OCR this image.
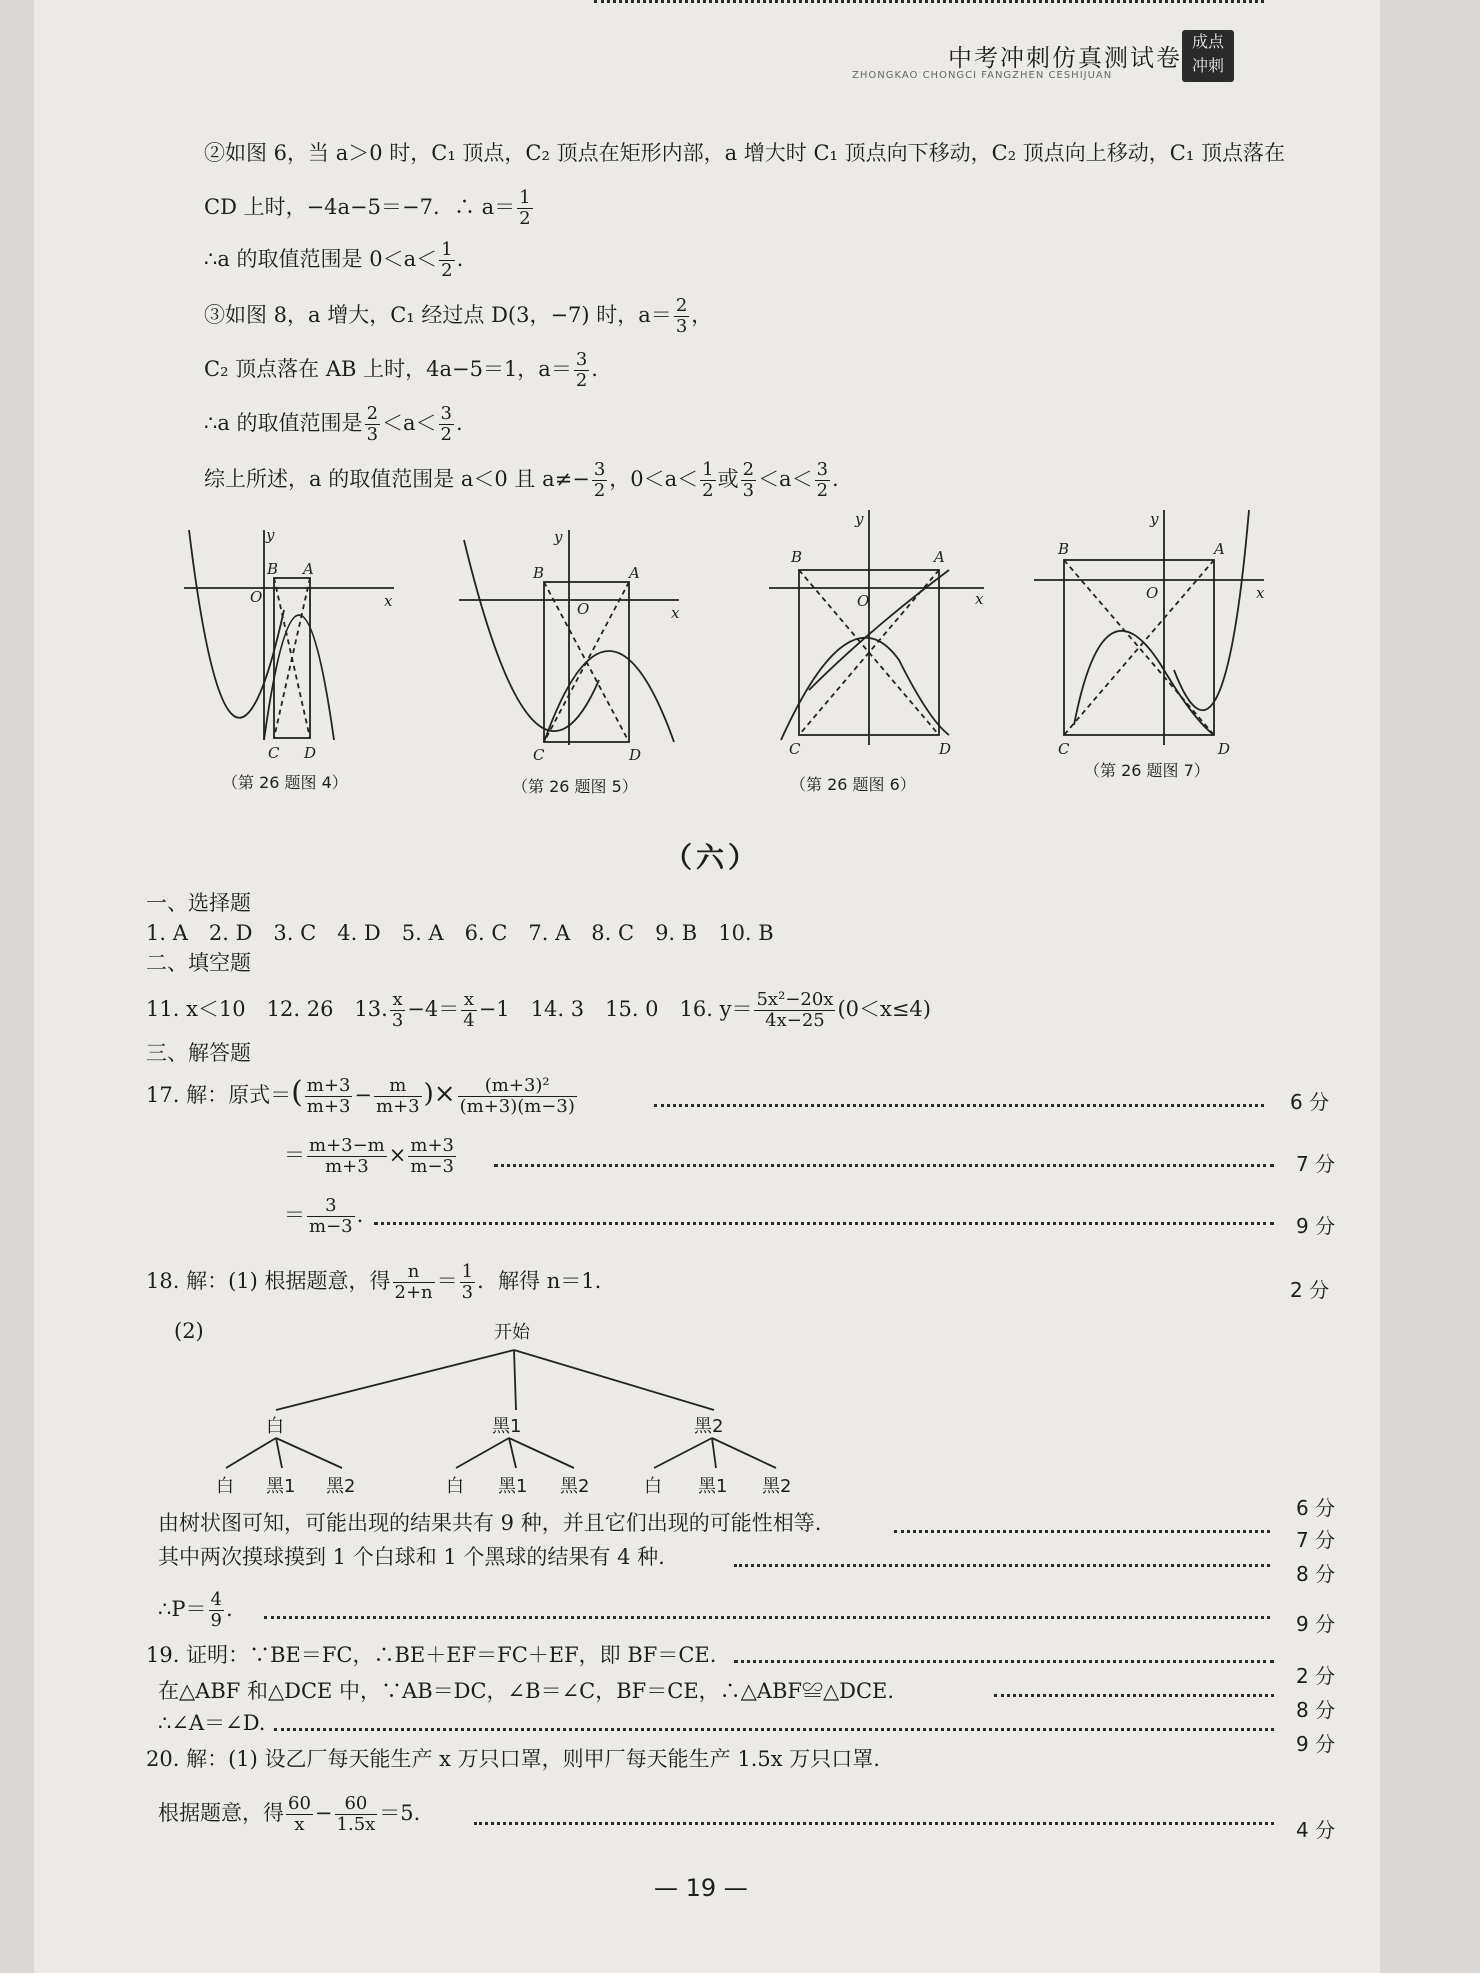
中考冲刺仿真测试卷
ZHONGKAO CHONGCI FANGZHEN CESHIJUAN
成点 冲刺
②如图 6，当 a＞0 时，C₁ 顶点，C₂ 顶点在矩形内部，a 增大时 C₁ 顶点向下移动，C₂ 顶点向上移动，C₁ 顶点落在
CD 上时，−4a−5＝−7．∴ $a= \frac{1}{2}$
∴a 的取值范围是 $0<a< \frac{1}{2}$ .
③如图 8，a 增大，C₁ 经过点 D(3，−7) 时，$a= \frac{2}{3}$ ，
C₂ 顶点落在 AB 上时，4a−5＝1，$a= \frac{3}{2}$ .
∴a 的取值范围是 $\frac{2}{3} <a< \frac{3}{2}$ .
综上所述，a 的取值范围是 a＜0 且 $a\ne- \frac{3}{2}$ ，$0<a< \frac{1}{2}$ 或 $\frac{2}{3} <a< \frac{3}{2}$ .
y
O	x
B A
C D
y
O	x
B	A
C	D
y
O	x
B	A
C	D
y
O	x
B	A
C	D
（第 26 题图 4）	（第 26 题图 5）	（第 26 题图 6）
（第 26 题图 7）
（六）
一、选择题
1. A　2. D　3. C　4. D　5. A　6. C　7. A　8. C　9. B　10. B
二、填空题
11. x＜10　12. 26　13. $\frac{x}{3} -4= \frac{x}{4} -1$　14. 3　15. 0　16. $y= \frac{\text{5x²−20x}}{4x-25} (0<x\le 4)$
三、解答题
17. 解：原式＝( $\frac{m+3}{m+3} - \frac{m}{m+3}$ )× $\frac{\text{(m+3)²}}{(m+3)(m-3)}$	6 分
＝ $\frac{m+3-m}{m+3} \times \frac{m+3}{m-3}$	7 分
＝ $\frac{3}{m-3}$ .	9 分
18. 解：(1) 根据题意，得 $\frac{n}{2+n} = \frac{1}{3}$ ．解得 n＝1.	2 分
(2)	开始
白	黑1	黑2
白 黑1 黑2	白 黑1 黑2	白 黑1 黑2
6 分
由树状图可知，可能出现的结果共有 9 种，并且它们出现的可能性相等.
7 分
其中两次摸球摸到 1 个白球和 1 个黑球的结果有 4 种.
8 分
∴P＝ $\frac{4}{9}$ .
9 分
19. 证明：∵BE＝FC，∴BE＋EF＝FC＋EF，即 BF＝CE.
在△ABF 和△DCE 中，∵AB＝DC，∠B＝∠C，BF＝CE，∴△ABF≌△DCE.
2 分
∴∠A＝∠D.
8 分
20. 解：(1) 设乙厂每天能生产 x 万只口罩，则甲厂每天能生产 1.5x 万只口罩.
9 分
根据题意，得 $\frac{60}{x} - \frac{60}{1.5x} =5$.
4 分
— 19 —
